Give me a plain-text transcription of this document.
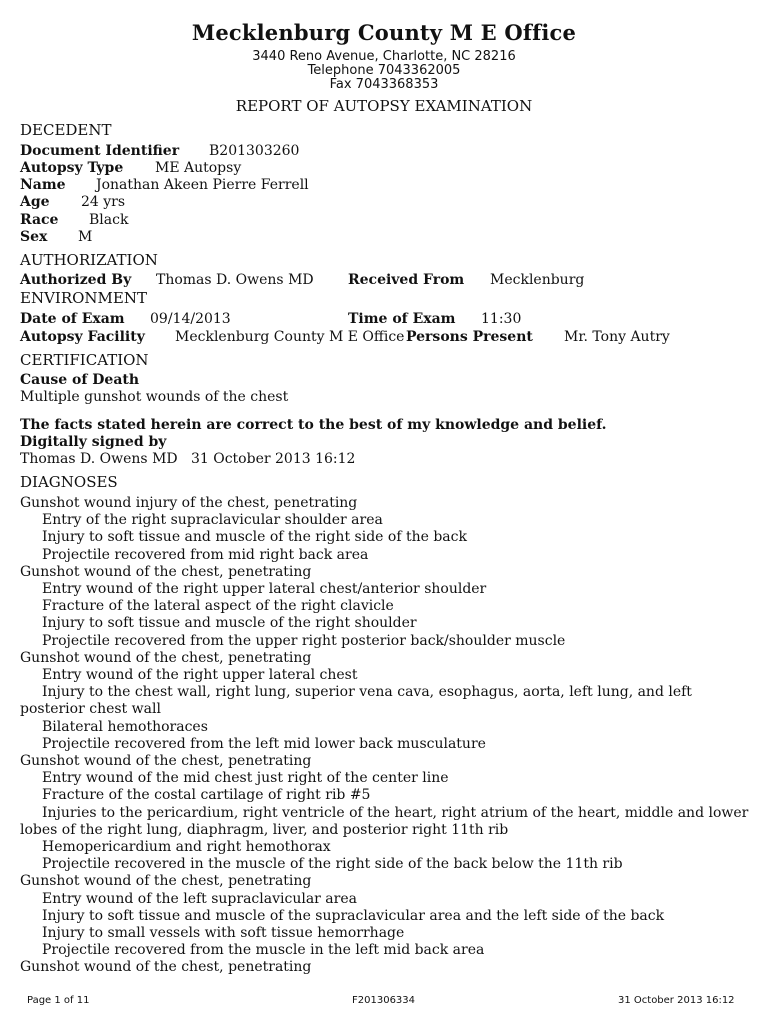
Mecklenburg County M E Office
3440 Reno Avenue, Charlotte, NC 28216
Telephone 7043362005
Fax 7043368353
REPORT OF AUTOPSY EXAMINATION
DECEDENT
Document Identifier B201303260
Autopsy Type ME Autopsy
Name Jonathan Akeen Pierre Ferrell
Age 24 yrs
Race Black
Sex M
AUTHORIZATION
Authorized By Thomas D. Owens MD Received From Mecklenburg
ENVIRONMENT
Date of Exam 09/14/2013	Time of Exam 11:30
Autopsy Facility Mecklenburg County M E Office Persons Present Mr. Tony Autry
CERTIFICATION
Cause of Death
Multiple gunshot wounds of the chest
The facts stated herein are correct to the best of my knowledge and belief.
Digitally signed by
Thomas D. Owens MD   31 October 2013 16:12
DIAGNOSES
Gunshot wound injury of the chest, penetrating
Entry of the right supraclavicular shoulder area
Injury to soft tissue and muscle of the right side of the back
Projectile recovered from mid right back area
Gunshot wound of the chest, penetrating
Entry wound of the right upper lateral chest/anterior shoulder
Fracture of the lateral aspect of the right clavicle
Injury to soft tissue and muscle of the right shoulder
Projectile recovered from the upper right posterior back/shoulder muscle
Gunshot wound of the chest, penetrating
Entry wound of the right upper lateral chest
Injury to the chest wall, right lung, superior vena cava, esophagus, aorta, left lung, and left posterior chest wall
Bilateral hemothoraces
Projectile recovered from the left mid lower back musculature
Gunshot wound of the chest, penetrating
Entry wound of the mid chest just right of the center line
Fracture of the costal cartilage of right rib #5
Injuries to the pericardium, right ventricle of the heart, right atrium of the heart, middle and lower lobes of the right lung, diaphragm, liver, and posterior right 11th rib
Hemopericardium and right hemothorax
Projectile recovered in the muscle of the right side of the back below the 11th rib
Gunshot wound of the chest, penetrating
Entry wound of the left supraclavicular area
Injury to soft tissue and muscle of the supraclavicular area and the left side of the back
Injury to small vessels with soft tissue hemorrhage
Projectile recovered from the muscle in the left mid back area
Gunshot wound of the chest, penetrating
Page 1 of 11	F201306334	31 October 2013 16:12
